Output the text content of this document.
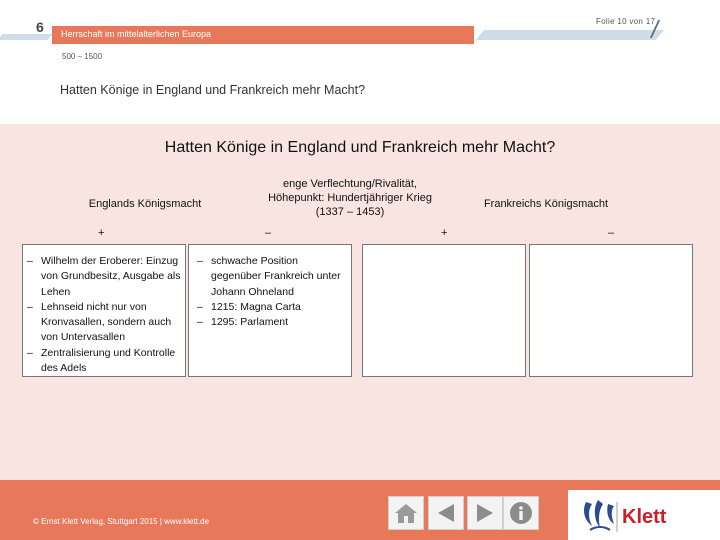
6	Folie 10 von 17
Herrschaft im mittelalterlichen Europa
500 – 1500
Hatten Könige in England und Frankreich mehr Macht?
Hatten Könige in England und Frankreich mehr Macht?
Englands Königsmacht
enge Verflechtung/Rivalität, Höhepunkt: Hundertjähriger Krieg (1337 – 1453)
Frankreichs Königsmacht
+	–	+	–
– Wilhelm der Eroberer: Einzug von Grundbesitz, Ausgabe als Lehen
– Lehnseid nicht nur von Kronvasallen, sondern auch von Untervasallen
– Zentralisierung und Kontrolle des Adels
– schwache Position gegenüber Frankreich unter Johann Ohneland
– 1215: Magna Carta
– 1295: Parlament
© Ernst Klett Verlag, Stuttgart 2015 | www.klett.de	Klett
